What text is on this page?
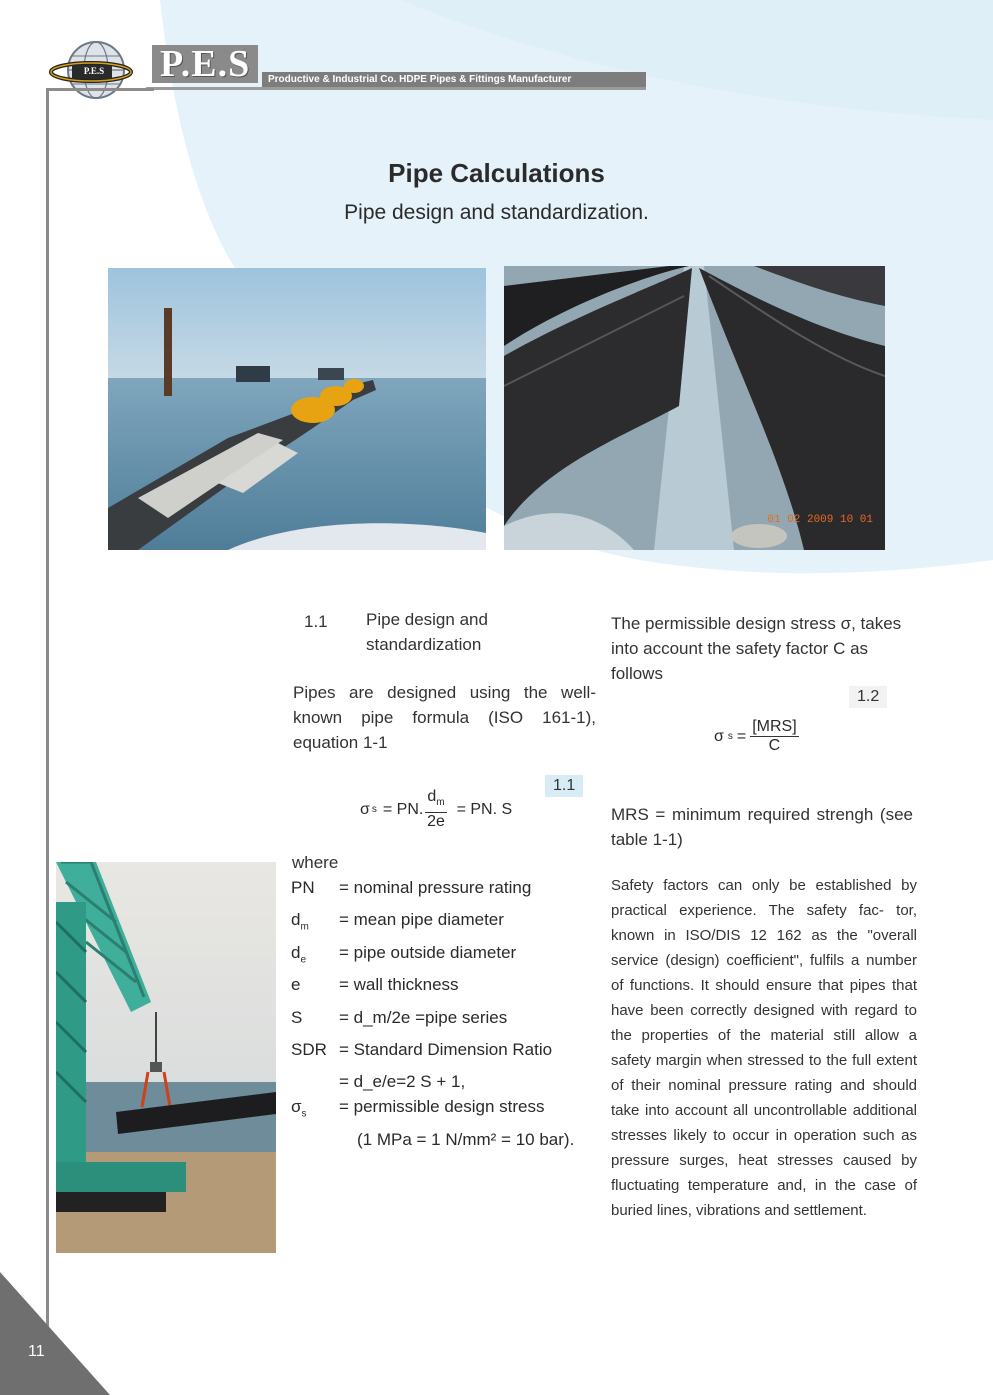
P.E.S P.E.S	Productive & Industrial Co. HDPE Pipes & Fittings Manufacturer
Pipe Calculations
Pipe design and standardization.
01 02 2009 10 01
1.1 Pipe design and
standardization
Pipes are designed using the well-known pipe formula (ISO 161-1), equation 1-1
1.1
σ s = PN. $\frac{d_m}{2e}$ = PN. S
where
PN	= nominal pressure rating
$d_m$	= mean pipe diameter
$d_e$	= pipe outside diameter
e	= wall thickness
S	= d_m/2e =pipe series
SDR = Standard Dimension Ratio
= d_e/e=2 S + 1,
$\sigma_s$	= permissible design stress
(1 MPa = 1 N/mm² = 10 bar).
The permissible design stress σ, takes into account the safety factor C as follows
1.2
σ $s = \frac{\text{[MRS]}}{C}$
MRS = minimum required strengh (see table 1-1)
Safety factors can only be established by practical experience. The safety fac- tor, known in ISO/DIS 12 162 as the "overall service (design) coefficient", fulfils a number of functions. It should ensure that pipes that have been correctly designed with regard to the properties of the material still allow a safety margin when stressed to the full extent of their nominal pressure rating and should take into account all uncontrollable additional stresses likely to occur in operation such as pressure surges, heat stresses caused by fluctuating temperature and, in the case of buried lines, vibrations and settlement.
11
